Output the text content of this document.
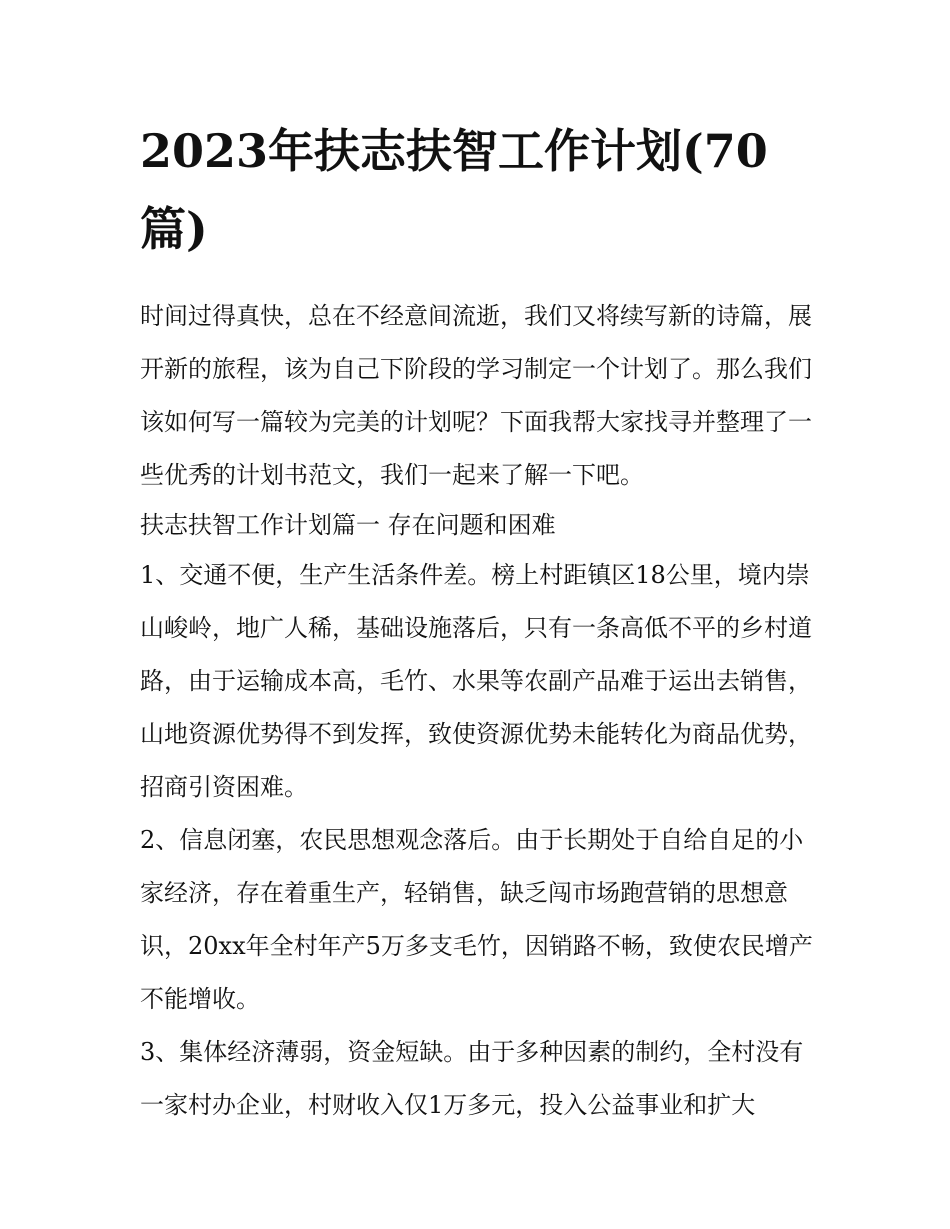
2023年扶志扶智工作计划(70篇)

时间过得真快，总在不经意间流逝，我们又将续写新的诗篇，展开新的旅程，该为自己下阶段的学习制定一个计划了。那么我们该如何写一篇较为完美的计划呢？下面我帮大家找寻并整理了一些优秀的计划书范文，我们一起来了解一下吧。

扶志扶智工作计划篇一 存在问题和困难

1、交通不便，生产生活条件差。榜上村距镇区18公里，境内崇山峻岭，地广人稀，基础设施落后，只有一条高低不平的乡村道路，由于运输成本高，毛竹、水果等农副产品难于运出去销售，山地资源优势得不到发挥，致使资源优势未能转化为商品优势，招商引资困难。

2、信息闭塞，农民思想观念落后。由于长期处于自给自足的小家经济，存在着重生产，轻销售，缺乏闯市场跑营销的思想意识，20xx年全村年产5万多支毛竹，因销路不畅，致使农民增产不能增收。

3、集体经济薄弱，资金短缺。由于多种因素的制约，全村没有一家村办企业，村财收入仅1万多元，投入公益事业和扩大
